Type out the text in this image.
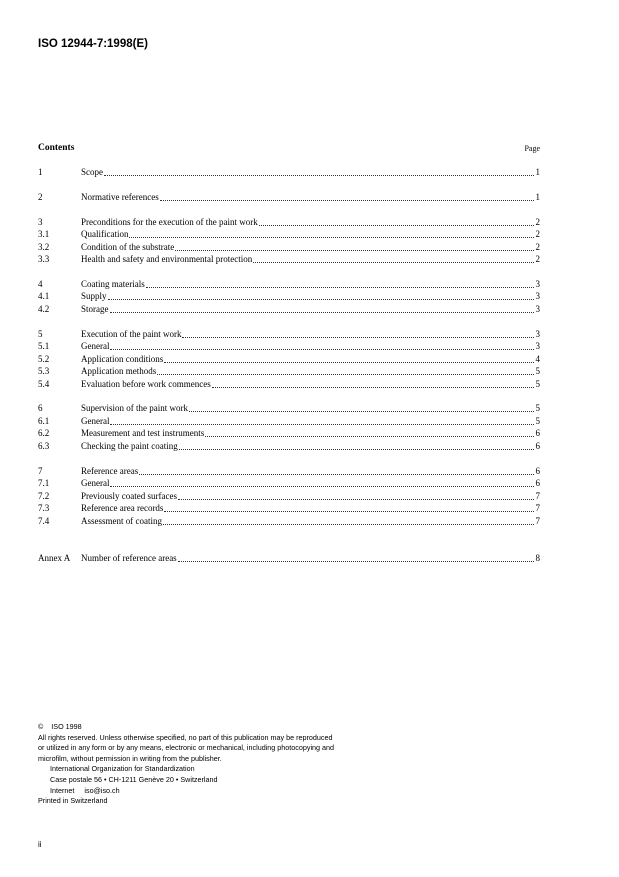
ISO 12944-7:1998(E)
Contents	Page
1	Scope	1
2	Normative references	1
3	Preconditions for the execution of the paint work	2
3.1	Qualification	2
3.2	Condition of the substrate	2
3.3	Health and safety and environmental protection	2
4	Coating materials	3
4.1	Supply	3
4.2	Storage	3
5	Execution of the paint work	3
5.1	General	3
5.2	Application conditions	4
5.3	Application methods	5
5.4	Evaluation before work commences	5
6	Supervision of the paint work	5
6.1	General	5
6.2	Measurement and test instruments	6
6.3	Checking the paint coating	6
7	Reference areas	6
7.1	General	6
7.2	Previously coated surfaces	7
7.3	Reference area records	7
7.4	Assessment of coating	7
Annex A	Number of reference areas	8
© ISO 1998
All rights reserved. Unless otherwise specified, no part of this publication may be reproduced
or utilized in any form or by any means, electronic or mechanical, including photocopying and
microfilm, without permission in writing from the publisher.
International Organization for Standardization
Case postale 56 • CH-1211 Genève 20 • Switzerland
Internet iso@iso.ch
Printed in Switzerland
ii
